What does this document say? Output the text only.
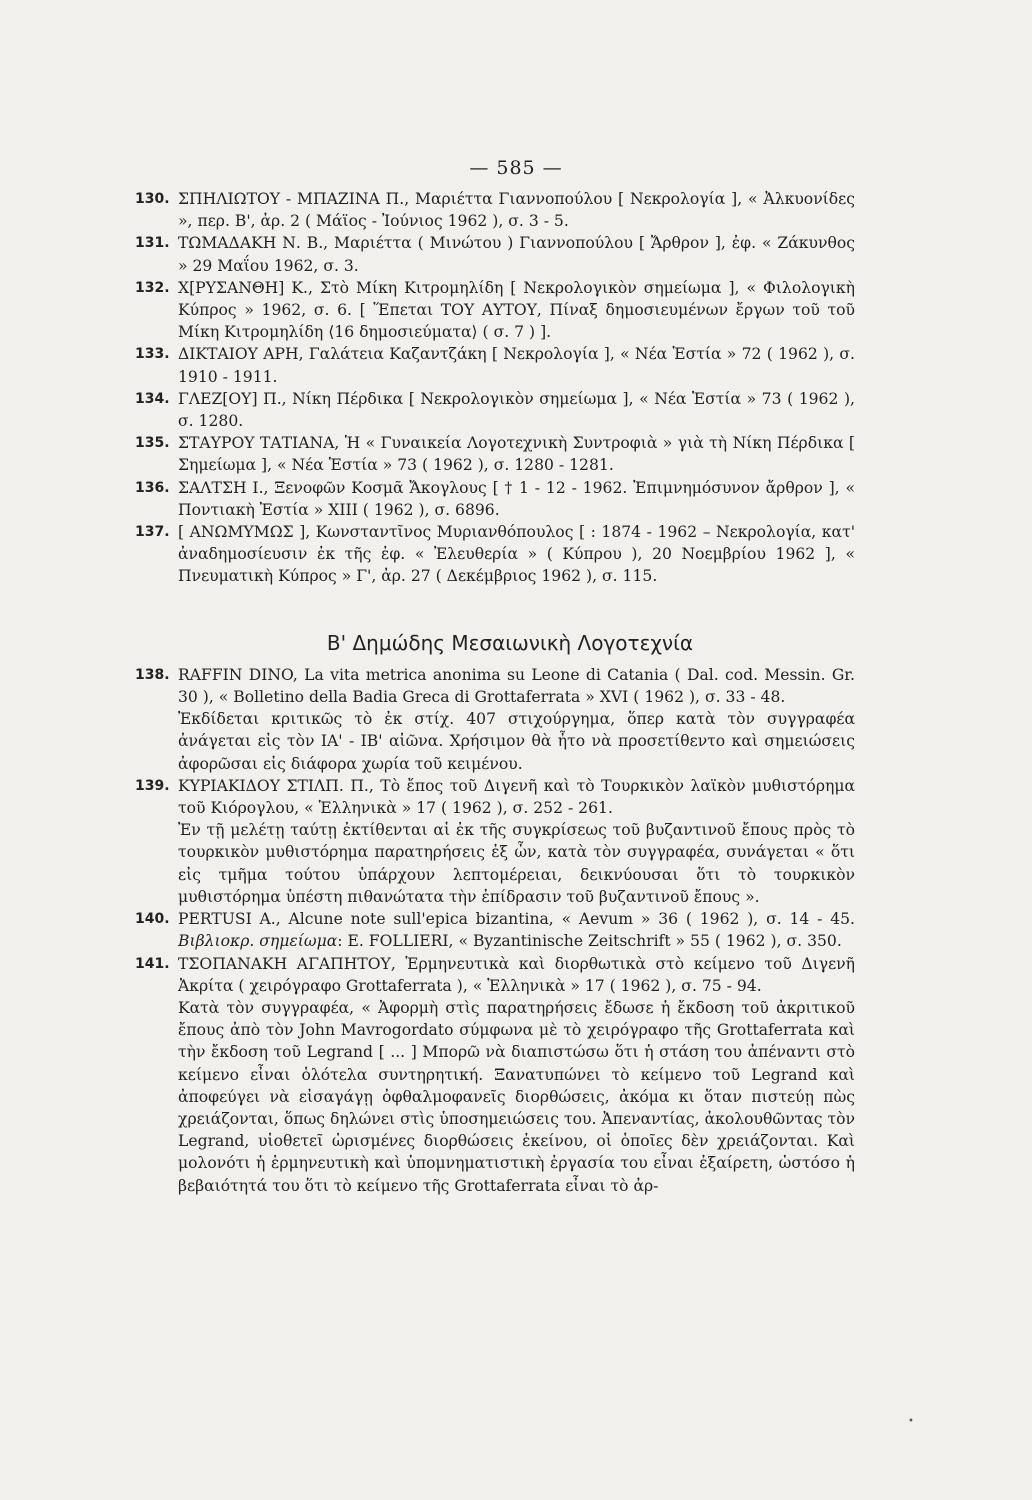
— 585 —
130. ΣΠΗΛΙΩΤΟΥ - ΜΠΑΖΙΝΑ Π., Μαριέττα Γιαννοπούλου [ Νεκρολογία ], « Ἀλκυονίδες », περ. Β', ἀρ. 2 ( Μάϊος - Ἰούνιος 1962 ), σ. 3 - 5.
131. ΤΩΜΑΔΑΚΗ Ν. Β., Μαριέττα ( Μινώτου ) Γιαννοπούλου [ Ἄρθρον ], ἐφ. « Ζάκυνθος » 29 Μαΐου 1962, σ. 3.
132. Χ[ΡΥΣΑΝΘΗ] Κ., Στὸ Μίκη Κιτρομηλίδη [ Νεκρολογικὸν σημείωμα ], « Φιλολογικὴ Κύπρος » 1962, σ. 6. [ Ἕπεται ΤΟΥ ΑΥΤΟΥ, Πίναξ δημοσιευμένων ἔργων τοῦ τοῦ Μίκη Κιτρομηλίδη ⟨16 δημοσιεύματα⟩ ( σ. 7 ) ].
133. ΔΙΚΤΑΙΟΥ ΑΡΗ, Γαλάτεια Καζαντζάκη [ Νεκρολογία ], « Νέα Ἑστία » 72 ( 1962 ), σ. 1910 - 1911.
134. ΓΛΕΖ[ΟΥ] Π., Νίκη Πέρδικα [ Νεκρολογικὸν σημείωμα ], « Νέα Ἑστία » 73 ( 1962 ), σ. 1280.
135. ΣΤΑΥΡΟΥ ΤΑΤΙΑΝΑ, Ἡ « Γυναικεία Λογοτεχνικὴ Συντροφιὰ » γιὰ τὴ Νίκη Πέρδικα [ Σημείωμα ], « Νέα Ἑστία » 73 ( 1962 ), σ. 1280 - 1281.
136. ΣΑΛΤΣΗ Ι., Ξενοφῶν Κοσμᾶ Ἄκογλους [ † 1 - 12 - 1962. Ἐπιμνημόσυνον ἄρθρον ], « Ποντιακὴ Ἑστία » XIII ( 1962 ), σ. 6896.
137. [ ΑΝΩΜΥΜΩΣ ], Κωνσταντῖνος Μυριανθόπουλος [ : 1874 - 1962 – Νεκρολογία, κατ' ἀναδημοσίευσιν ἐκ τῆς ἐφ. « Ἐλευθερία » ( Κύπρου ), 20 Νοεμβρίου 1962 ], « Πνευματικὴ Κύπρος » Γ', ἀρ. 27 ( Δεκέμβριος 1962 ), σ. 115.
Β' Δημώδης Μεσαιωνικὴ Λογοτεχνία
138. RAFFIN DINO, La vita metrica anonima su Leone di Catania ( Dal. cod. Messin. Gr. 30 ), « Bolletino della Badia Greca di Grottaferrata » XVI ( 1962 ), σ. 33 - 48.

Ἐκδίδεται κριτικῶς τὸ ἐκ στίχ. 407 στιχούργημα, ὅπερ κατὰ τὸν συγγραφέα ἀνάγεται εἰς τὸν ΙΑ' - ΙΒ' αἰῶνα. Χρήσιμον θὰ ἦτο νὰ προσετίθεντο καὶ σημειώσεις ἀφορῶσαι εἰς διάφορα χωρία τοῦ κειμένου.

139. ΚΥΡΙΑΚΙΔΟΥ ΣΤΙΛΠ. Π., Τὸ ἔπος τοῦ Διγενῆ καὶ τὸ Τουρκικὸν λαϊκὸν μυθιστόρημα τοῦ Κιόρογλου, « Ἑλληνικὰ » 17 ( 1962 ), σ. 252 - 261.

Ἐν τῇ μελέτῃ ταύτῃ ἐκτίθενται αἱ ἐκ τῆς συγκρίσεως τοῦ βυζαντινοῦ ἔπους πρὸς τὸ τουρκικὸν μυθιστόρημα παρατηρήσεις ἐξ ὧν, κατὰ τὸν συγγραφέα, συνάγεται « ὅτι εἰς τμῆμα τούτου ὑπάρχουν λεπτομέρειαι, δεικνύουσαι ὅτι τὸ τουρκικὸν μυθιστόρημα ὑπέστη πιθανώτατα τὴν ἐπίδρασιν τοῦ βυζαντινοῦ ἔπους ».

140. PERTUSI A., Alcune note sull'epica bizantina, « Aevum » 36 ( 1962 ), σ. 14 - 45. Βιβλιοκρ. σημείωμα: E. FOLLIERI, « Byzantinische Zeitschrift » 55 ( 1962 ), σ. 350.
141. ΤΣΟΠΑΝΑΚΗ ΑΓΑΠΗΤΟΥ, Ἑρμηνευτικὰ καὶ διορθωτικὰ στὸ κείμενο τοῦ Διγενῆ Ἀκρίτα ( χειρόγραφο Grottaferrata ), « Ἑλληνικὰ » 17 ( 1962 ), σ. 75 - 94.

Κατὰ τὸν συγγραφέα, « Ἀφορμὴ στὶς παρατηρήσεις ἔδωσε ἡ ἔκδοση τοῦ ἀκριτικοῦ ἔπους ἀπὸ τὸν John Mavrogordato σύμφωνα μὲ τὸ χειρόγραφο τῆς Grottaferrata καὶ τὴν ἔκδοση τοῦ Legrand [ ... ] Μπορῶ νὰ διαπιστώσω ὅτι ἡ στάση του ἀπέναντι στὸ κείμενο εἶναι ὁλότελα συντηρητική. Ξανατυπώνει τὸ κείμενο τοῦ Legrand καὶ ἀποφεύγει νὰ εἰσαγάγῃ ὀφθαλμοφανεῖς διορθώσεις, ἀκόμα κι ὅταν πιστεύῃ πὼς χρειάζονται, ὅπως δηλώνει στὶς ὑποσημειώσεις του. Ἀπεναντίας, ἀκολουθῶντας τὸν Legrand, υἱοθετεῖ ὡρισμένες διορθώσεις ἐκείνου, οἱ ὁποῖες δὲν χρειάζονται. Καὶ μολονότι ἡ ἑρμηνευτικὴ καὶ ὑπομνηματιστικὴ ἐργασία του εἶναι ἐξαίρετη, ὡστόσο ἡ βεβαιότητά του ὅτι τὸ κείμενο τῆς Grottaferrata εἶναι τὸ ἀρ-

•
